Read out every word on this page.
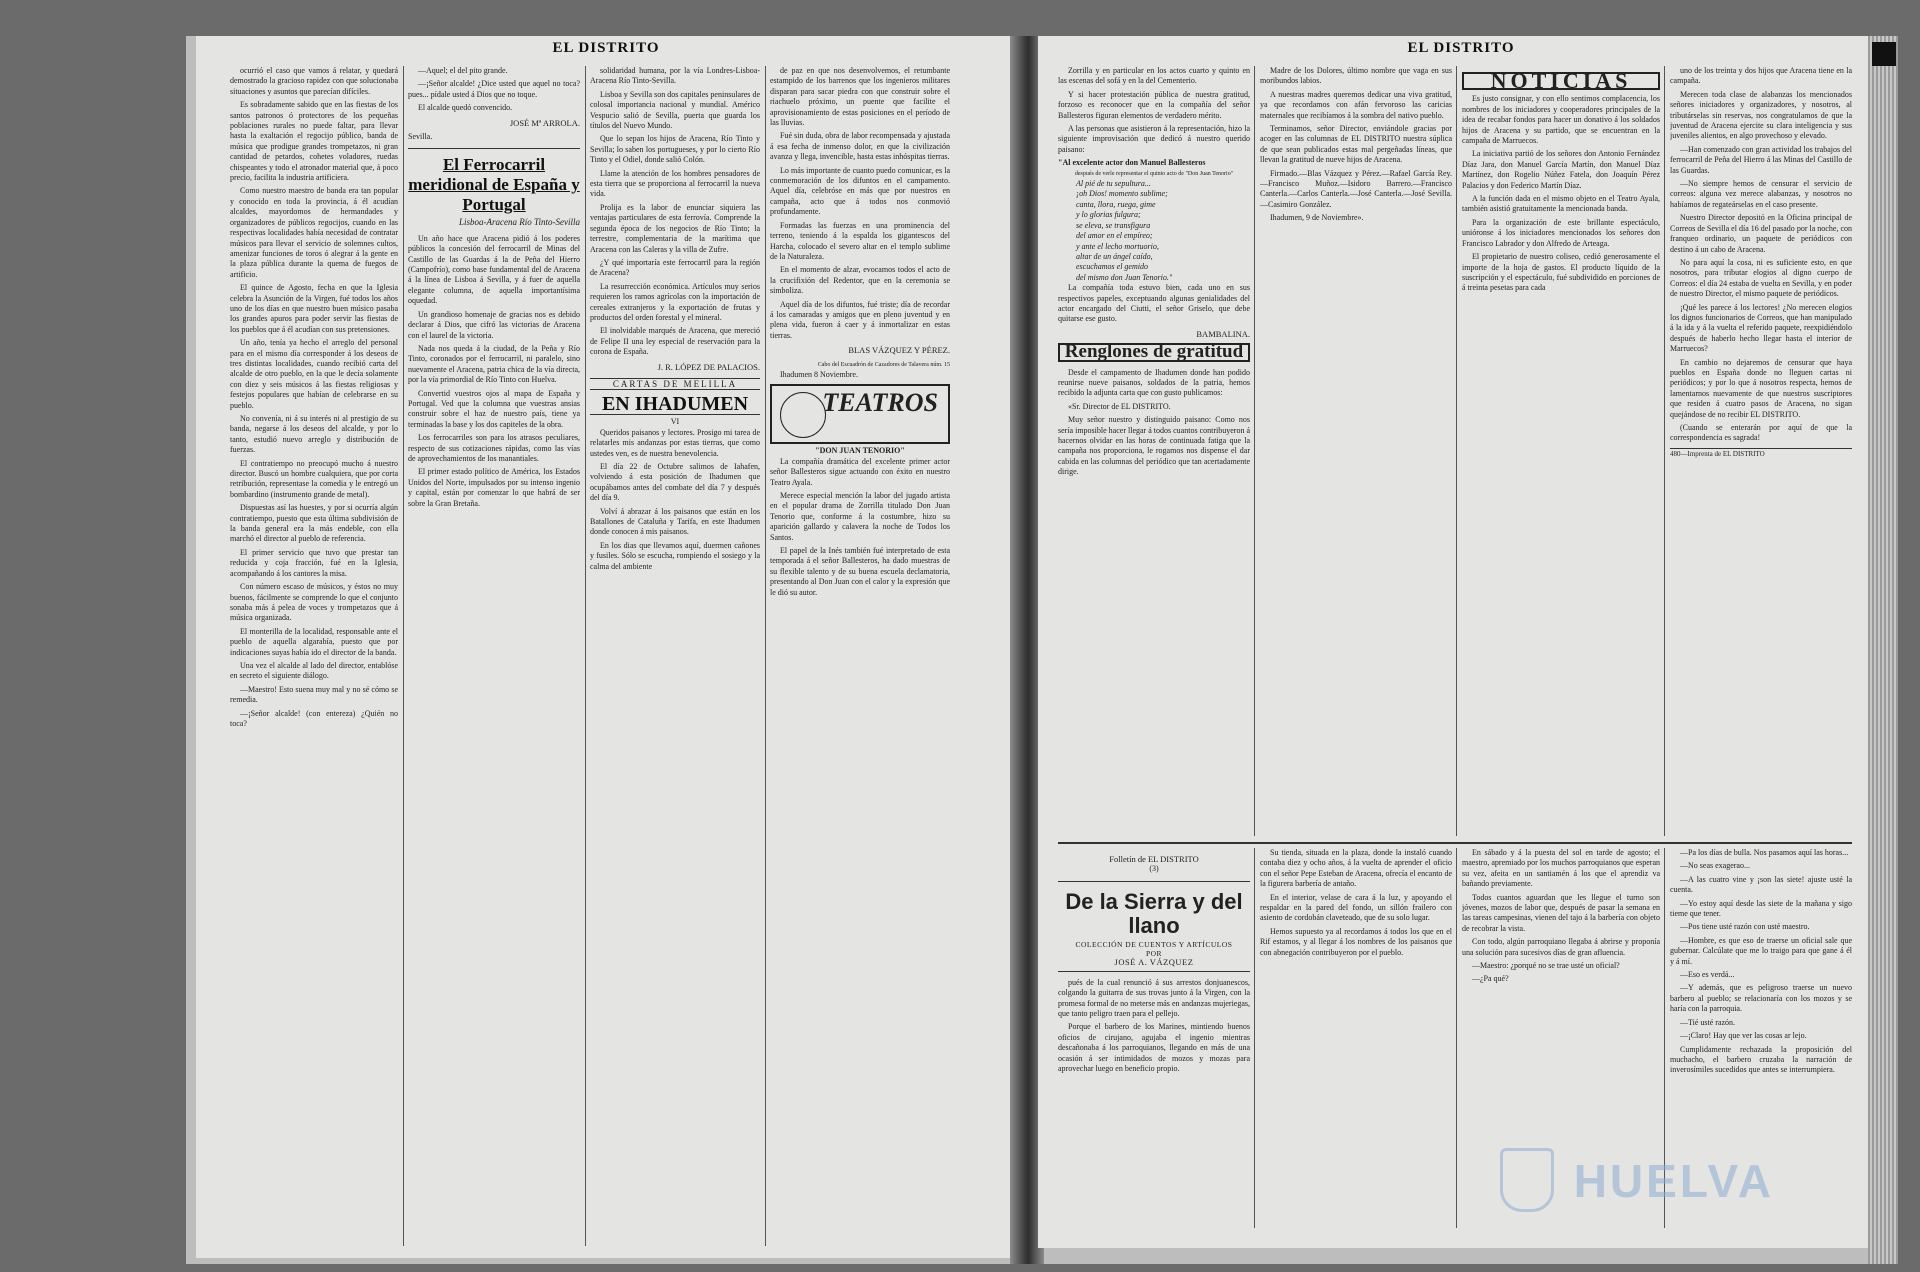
EL DISTRITO

ocurrió el caso que vamos á relatar, y quedará demostrado la gracioso rapidez con que solucionaba situaciones y asuntos que parecían difíciles.

Es sobradamente sabido que en las fiestas de los santos patronos ó protectores de los pequeñas poblaciones rurales no puede faltar, para llevar hasta la exaltación el regocijo público, banda de música que prodigue grandes trompetazos, ni gran cantidad de petardos, cohetes voladores, ruedas chispeantes y todo el atronador material que, á poco precio, facilita la industria artificiera.

Como nuestro maestro de banda era tan popular y conocido en toda la provincia, á él acudían alcaldes, mayordomos de hermandades y organizadores de públicos regocijos, cuando en las respectivas localidades había necesidad de contratar músicos para llevar el servicio de solemnes cultos, amenizar funciones de toros ó alegrar á la gente en la plaza pública durante la quema de fuegos de artificio.

El quince de Agosto, fecha en que la Iglesia celebra la Asunción de la Virgen, fué todos los años uno de los días en que nuestro buen músico pasaba los grandes apuros para poder servir las fiestas de los pueblos que á él acudían con sus pretensiones.

Un año, tenía ya hecho el arreglo del personal para en el mismo día corresponder á los deseos de tres distintas localidades, cuando recibió carta del alcalde de otro pueblo, en la que le decía solamente con diez y seis músicos á las fiestas religiosas y festejos populares que habían de celebrarse en su pueblo.

No convenía, ni á su interés ni al prestigio de su banda, negarse á los deseos del alcalde, y por lo tanto, estudió nuevo arreglo y distribución de fuerzas.

El contratiempo no preocupó mucho á nuestro director. Buscó un hombre cualquiera, que por corta retribución, representase la comedia y le entregó un bombardino (instrumento grande de metal).

Dispuestas así las huestes, y por si ocurría algún contratiempo, puesto que esta última subdivisión de la banda general era la más endeble, con ella marchó el director al pueblo de referencia.

El primer servicio que tuvo que prestar tan reducida y coja fracción, fué en la Iglesia, acompañando á los cantores la misa.

Con número escaso de músicos, y éstos no muy buenos, fácilmente se comprende lo que el conjunto sonaba más á pelea de voces y trompetazos que á música organizada.

El monterilla de la localidad, responsable ante el pueblo de aquella algarabía, puesto que por indicaciones suyas había ido el director de la banda.

Una vez el alcalde al lado del director, entablóse en secreto el siguiente diálogo.

—Maestro! Esto suena muy mal y no sé cómo se remedia.

—¡Señor alcalde! (con entereza) ¿Quién no toca?

—Aquel; el del pito grande.

—¡Señor alcalde! ¿Dice usted que aquel no toca? pues... pídale usted á Dios que no toque.

El alcalde quedó convencido.

JOSÉ Mª ARROLA.
Sevilla.
El Ferrocarril meridional de España y Portugal
Lisboa-Aracena Río Tinto-Sevilla

Un año hace que Aracena pidió á los poderes públicos la concesión del ferrocarril de Minas del Castillo de las Guardas á la de Peña del Hierro (Campofrío), como base fundamental del de Aracena á la línea de Lisboa á Sevilla, y á fuer de aquella elegante columna, de aquella importantísima oquedad.

Un grandioso homenaje de gracias nos es debido declarar á Dios, que cifró las victorias de Aracena con el laurel de la victoria.

Nada nos queda á la ciudad, de la Peña y Río Tinto, coronados por el ferrocarril, ni paralelo, sino nuevamente el Aracena, patria chica de la vía directa, por la vía primordial de Río Tinto con Huelva.

Convertid vuestros ojos al mapa de España y Portugal. Ved que la columna que vuestras ansias construir sobre el haz de nuestro país, tiene ya terminadas la base y los dos capiteles de la obra.

Los ferrocarriles son para los atrasos peculiares, respecto de sus cotizaciones rápidas, como las vías de aprovechamientos de los manantiales.

El primer estado político de América, los Estados Unidos del Norte, impulsados por su intenso ingenio y capital, están por comenzar lo que habrá de ser sobre la Gran Bretaña.

solidaridad humana, por la vía Londres-Lisboa-Aracena Río Tinto-Sevilla.

Lisboa y Sevilla son dos capitales peninsulares de colosal importancia nacional y mundial. Américo Vespucio salió de Sevilla, puerta que guarda los títulos del Nuevo Mundo.

Que lo sepan los hijos de Aracena, Río Tinto y Sevilla; lo saben los portugueses, y por lo cierto Río Tinto y el Odiel, donde salió Colón.

Llame la atención de los hombres pensadores de esta tierra que se proporciona al ferrocarril la nueva vida.

Prolija es la labor de enunciar siquiera las ventajas particulares de esta ferrovía. Comprende la segunda época de los negocios de Río Tinto; la terrestre, complementaria de la marítima que Aracena con las Caleras y la villa de Zufre.

¿Y qué importaría este ferrocarril para la región de Aracena?

La resurrección económica. Artículos muy serios requieren los ramos agrícolas con la importación de cereales extranjeros y la exportación de frutas y productos del orden forestal y el mineral.

El inolvidable marqués de Aracena, que mereció de Felipe II una ley especial de reservación para la corona de España.

J. R. LÓPEZ DE PALACIOS.
CARTAS DE MELILLA
EN IHADUMEN
VI

Queridos paisanos y lectores. Prosigo mi tarea de relatarles mis andanzas por estas tierras, que como ustedes ven, es de nuestra benevolencia.

El día 22 de Octubre salimos de Iahafen, volviendo á esta posición de Ihadumen que ocupábamos antes del combate del día 7 y después del día 9.

Volví á abrazar á los paisanos que están en los Batallones de Cataluña y Tarifa, en este Ihadumen donde conocen á mis paisanos.

En los dias que llevamos aquí, duermen cañones y fusiles. Sólo se escucha, rompiendo el sosiego y la calma del ambiente

de paz en que nos desenvolvemos, el retumbante estampido de los barrenos que los ingenieros militares disparan para sacar piedra con que construir sobre el riachuelo próximo, un puente que facilite el aprovisionamiento de estas posiciones en el período de las lluvias.

Fué sin duda, obra de labor recompensada y ajustada á esa fecha de inmenso dolor, en que la civilización avanza y llega, invencible, hasta estas inhóspitas tierras.

Lo más importante de cuanto puedo comunicar, es la conmemoración de los difuntos en el campamento. Aquel día, celebróse en más que por nuestros en campaña, acto que á todos nos conmovió profundamente.

Formadas las fuerzas en una prominencia del terreno, teniendo á la espalda los gigantescos del Harcha, colocado el severo altar en el templo sublime de la Naturaleza.

En el momento de alzar, evocamos todos el acto de la crucifixión del Redentor, que en la ceremonia se simboliza.

Aquel día de los difuntos, fué triste; día de recordar á los camaradas y amigos que en pleno juventud y en plena vida, fueron á caer y á inmortalizar en estas tierras.

BLAS VÁZQUEZ Y PÉREZ.
Cabo del Escuadrón de Cazadores de Talavera núm. 15
Ihadumen 8 Noviembre.
TEATROS
"DON JUAN TENORIO"

La compañía dramática del excelente primer actor señor Ballesteros sigue actuando con éxito en nuestro Teatro Ayala.

Merece especial mención la labor del jugado artista en el popular drama de Zorrilla titulado Don Juan Tenorio que, conforme á la costumbre, hizo su aparición gallardo y calavera la noche de Todos los Santos.

El papel de la Inés también fué interpretado de esta temporada á el señor Ballesteros, ha dado muestras de su flexible talento y de su buena escuela declamatoria, presentando al Don Juan con el calor y la expresión que le dió su autor.

EL DISTRITO

Zorrilla y en particular en los actos cuarto y quinto en las escenas del sofá y en la del Cementerio.

Y si hacer protestación pública de nuestra gratitud, forzoso es reconocer que en la compañía del señor Ballesteros figuran elementos de verdadero mérito.

A las personas que asistieron á la representación, hizo la siguiente improvisación que dedicó á nuestro querido paisano:

"Al excelente actor don Manuel Ballesteros
después de verle representar el quinto acto de "Don Juan Tenorio"
Al pié de tu sepultura...
¡oh Dios! momento sublime;
canta, llora, ruega, gime
y lo glorias fulgura;
se eleva, se transfigura
del amor en el empíreo;
y ante el lecho mortuorio,
altar de un ángel caído,
escuchamos el gemido
del mismo don Juan Tenorio."

La compañía toda estuvo bien, cada uno en sus respectivos papeles, exceptuando algunas genialidades del actor encargado del Ciutti, el señor Griselo, que debe quitarse ese gusto.

BAMBALINA.
Renglones de gratitud

Desde el campamento de Ihadumen donde han podido reunirse nueve paisanos, soldados de la patria, hemos recibido la adjunta carta que con gusto publicamos:

«Sr. Director de EL DISTRITO.

Muy señor nuestro y distinguido paisano: Como nos sería imposible hacer llegar á todos cuantos contribuyeron á hacernos olvidar en las horas de continuada fatiga que la campaña nos proporciona, le rogamos nos dispense el dar cabida en las columnas del periódico que tan acertadamente dirige.

Madre de los Dolores, último nombre que vaga en sus moribundos labios.

A nuestras madres queremos dedicar una viva gratitud, ya que recordamos con afán fervoroso las caricias maternales que recibíamos á la sombra del nativo pueblo.

Terminamos, señor Director, enviándole gracias por acoger en las columnas de EL DISTRITO nuestra súplica de que sean publicados estas mal pergeñadas líneas, que llevan la gratitud de nueve hijos de Aracena.

Firmado.—Blas Vázquez y Pérez.—Rafael García Rey.—Francisco Muñoz.—Isidoro Barrero.—Francisco Canterla.—Carlos Canterla.—José Canterla.—José Sevilla.—Casimiro González.

Ihadumen, 9 de Noviembre».

NOTICIAS

Es justo consignar, y con ello sentimos complacencia, los nombres de los iniciadores y cooperadores principales de la idea de recabar fondos para hacer un donativo á los soldados hijos de Aracena y su partido, que se encuentran en la campaña de Marruecos.

La iniciativa partió de los señores don Antonio Fernández Díaz Jara, don Manuel García Martín, don Manuel Díaz Martínez, don Rogelio Núñez Fatela, don Joaquín Pérez Palacios y don Federico Martín Díaz.

A la función dada en el mismo objeto en el Teatro Ayala, también asistió gratuitamente la mencionada banda.

Para la organización de este brillante espectáculo, unióronse á los iniciadores mencionados los señores don Francisco Labrador y don Alfredo de Arteaga.

El propietario de nuestro coliseo, cedió generosamente el importe de la hoja de gastos. El producto líquido de la suscripción y el espectáculo, fué subdividido en porciones de á treinta pesetas para cada

uno de los treinta y dos hijos que Aracena tiene en la campaña.

Merecen toda clase de alabanzas los mencionados señores iniciadores y organizadores, y nosotros, al tributárselas sin reservas, nos congratulamos de que la juventud de Aracena ejercite su clara inteligencia y sus juveniles alientos, en algo provechoso y elevado.

—Han comenzado con gran actividad los trabajos del ferrocarril de Peña del Hierro á las Minas del Castillo de las Guardas.

—No siempre hemos de censurar el servicio de correos: alguna vez merece alabanzas, y nosotros no habíamos de regateárselas en el caso presente.

Nuestro Director depositó en la Oficina principal de Correos de Sevilla el día 16 del pasado por la noche, con franqueo ordinario, un paquete de periódicos con destino á un cabo de Aracena.

No para aquí la cosa, ni es suficiente esto, en que nosotros, para tributar elogios al digno cuerpo de Correos: el día 24 estaba de vuelta en Sevilla, y en poder de nuestro Director, el mismo paquete de periódicos.

¡Qué les parece á los lectores! ¿No merecen elogios los dignos funcionarios de Correos, que han manipulado á la ida y á la vuelta el referido paquete, reexpidiéndolo después de haberlo hecho llegar hasta el interior de Marruecos?

En cambio no dejaremos de censurar que haya pueblos en España donde no lleguen cartas ni periódicos; y por lo que á nosotros respecta, hemos de lamentarnos nuevamente de que nuestros suscriptores que residen á cuatro pasos de Aracena, no sigan quejándose de no recibir EL DISTRITO.

(Cuando se enterarán por aquí de que la correspondencia es sagrada!

480—Imprenta de EL DISTRITO
Folletín de EL DISTRITO
(3)
De la Sierra y del llano
COLECCIÓN DE CUENTOS Y ARTÍCULOS
POR
JOSÉ A. VÁZQUEZ

pués de la cual renunció á sus arrestos donjuanescos, colgando la guitarra de sus trovas junto á la Virgen, con la promesa formal de no meterse más en andanzas mujeriegas, que tanto peligro traen para el pellejo.

Porque el barbero de los Marines, mintiendo buenos oficios de cirujano, agujaba el ingenio mientras descañonaba á los parroquianos, llegando en más de una ocasión á ser intimidados de mozos y mozas para aprovechar luego en beneficio propio.

Su tienda, situada en la plaza, donde la instaló cuando contaba diez y ocho años, á la vuelta de aprender el oficio con el señor Pepe Esteban de Aracena, ofrecía el encanto de la figurera barbería de antaño.

En el interior, velase de cara á la luz, y apoyando el respaldar en la pared del fondo, un sillón frailero con asiento de cordobán claveteado, que de su solo lugar.

Hemos supuesto ya al recordamos á todos los que en el Rif estamos, y al llegar á los nombres de los paisanos que con abnegación contribuyeron por el pueblo.

En sábado y á la puesta del sol en tarde de agosto; el maestro, apremiado por los muchos parroquianos que esperan su vez, afeita en un santiamén á los que el aprendiz va bañando previamente.

Todos cuantos aguardan que les llegue el turno son jóvenes, mozos de labor que, después de pasar la semana en las tareas campesinas, vienen del tajo á la barbería con objeto de recobrar la vista.

Con todo, algún parroquiano llegaba á abrirse y proponía una solución para sucesivos días de gran afluencia.

—Maestro: ¿porqué no se trae usté un oficial?

—¿Pa qué?

—Pa los días de bulla. Nos pasamos aquí las horas...

—No seas exagerao...

—A las cuatro vine y ¡son las siete! ajuste usté la cuenta.

—Yo estoy aquí desde las siete de la mañana y sigo tieme que tener.

—Pos tiene usté razón con usté maestro.

—Hombre, es que eso de traerse un oficial sale que gubernar. Calcúlate que me lo traigo para que gane á él y á mí.

—Eso es verdá...

—Y además, que es peligroso traerse un nuevo barbero al pueblo; se relacionaría con los mozos y se haría con la parroquia.

—Tié usté razón.

—¡Claro! Hay que ver las cosas ar lejo.

Cumplidamente rechazada la proposición del muchacho, el barbero cruzaba la narración de inverosímiles sucedidos que antes se interrumpiera.

HUELVA
